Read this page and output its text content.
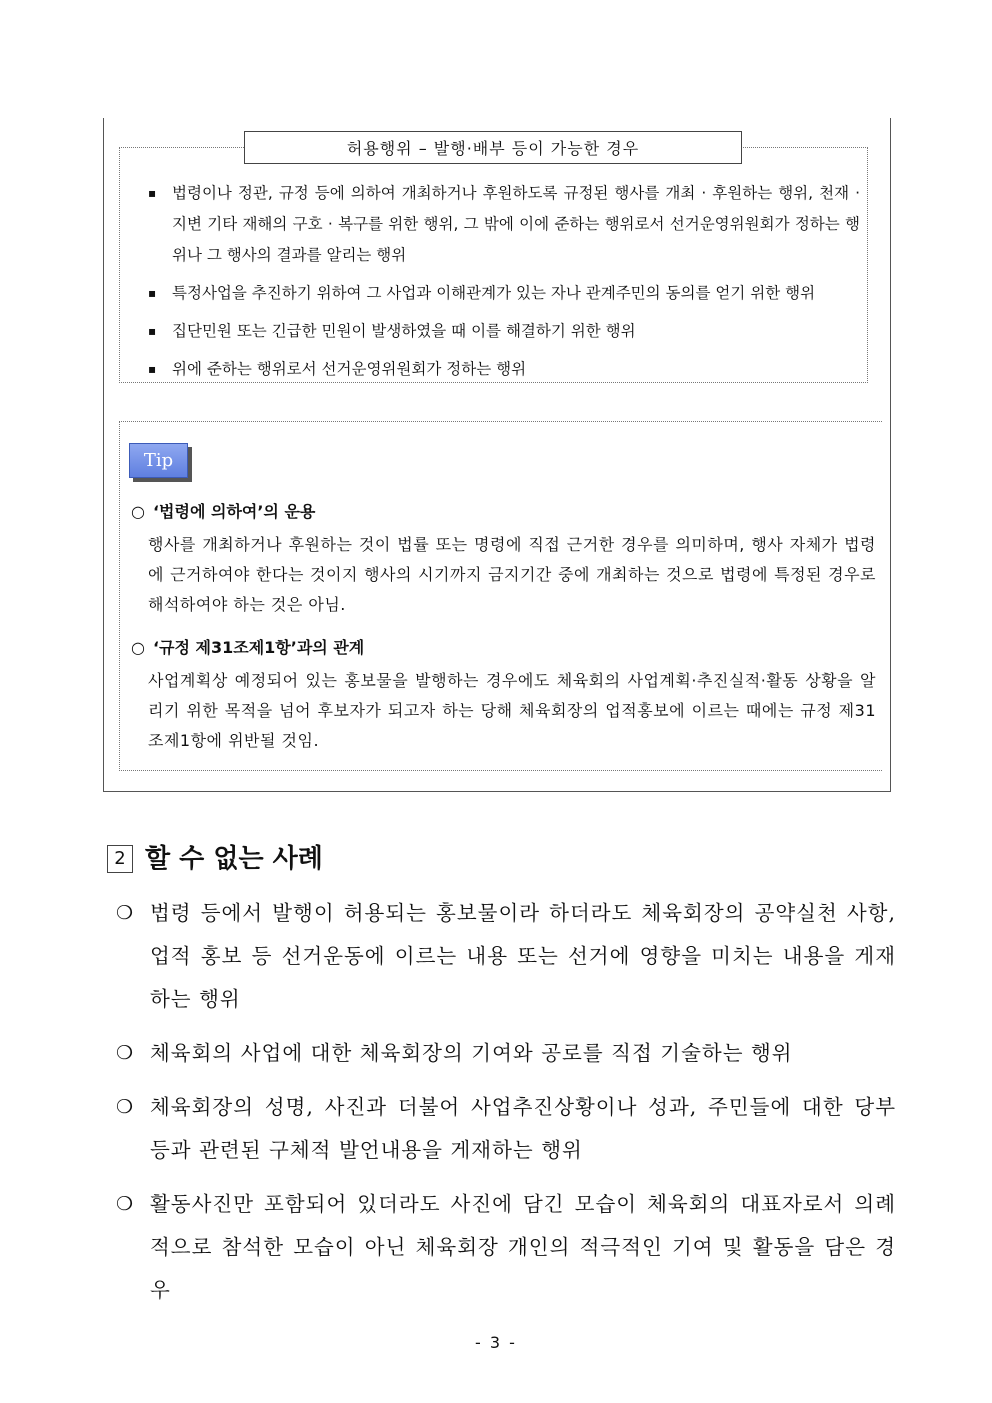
허용행위 – 발행·배부 등이 가능한 경우
▪ 법령이나 정관, 규정 등에 의하여 개최하거나 후원하도록 규정된 행사를 개최 · 후원하는 행위, 천재 · 지변 기타 재해의 구호 · 복구를 위한 행위, 그 밖에 이에 준하는 행위로서 선거운영위원회가 정하는 행위나 그 행사의 결과를 알리는 행위
▪ 특정사업을 추진하기 위하여 그 사업과 이해관계가 있는 자나 관계주민의 동의를 얻기 위한 행위
▪ 집단민원 또는 긴급한 민원이 발생하였을 때 이를 해결하기 위한 행위
▪ 위에 준하는 행위로서 선거운영위원회가 정하는 행위
Tip
○ ‘법령에 의하여’의 운용
행사를 개최하거나 후원하는 것이 법률 또는 명령에 직접 근거한 경우를 의미하며, 행사 자체가 법령에 근거하여야 한다는 것이지 행사의 시기까지 금지기간 중에 개최하는 것으로 법령에 특정된 경우로 해석하여야 하는 것은 아님.
○ ‘규정 제31조제1항’과의 관계
사업계획상 예정되어 있는 홍보물을 발행하는 경우에도 체육회의 사업계획·추진실적·활동 상황을 알리기 위한 목적을 넘어 후보자가 되고자 하는 당해 체육회장의 업적홍보에 이르는 때에는 규정 제31조제1항에 위반될 것임.
2 할 수 없는 사례
❍ 법령 등에서 발행이 허용되는 홍보물이라 하더라도 체육회장의 공약실천 사항, 업적 홍보 등 선거운동에 이르는 내용 또는 선거에 영향을 미치는 내용을 게재하는 행위
❍ 체육회의 사업에 대한 체육회장의 기여와 공로를 직접 기술하는 행위
❍ 체육회장의 성명, 사진과 더불어 사업추진상황이나 성과, 주민들에 대한 당부 등과 관련된 구체적 발언내용을 게재하는 행위
❍ 활동사진만 포함되어 있더라도 사진에 담긴 모습이 체육회의 대표자로서 의례적으로 참석한 모습이 아닌 체육회장 개인의 적극적인 기여 및 활동을 담은 경우
- 3 -
